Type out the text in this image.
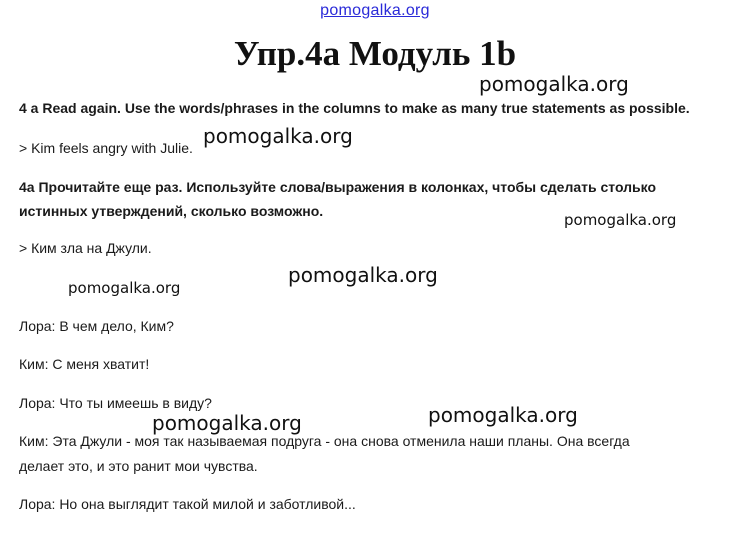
pomogalka.org
Упр.4а Модуль 1b
4 a Read again. Use the words/phrases in the columns to make as many true statements as possible.
> Kim feels angry with Julie.
4а Прочитайте еще раз. Используйте слова/выражения в колонках, чтобы сделать столько
истинных утверждений, сколько возможно.
> Ким зла на Джули.
Лора: В чем дело, Ким?
Ким: С меня хватит!
Лора: Что ты имеешь в виду?
Ким: Эта Джули - моя так называемая подруга - она снова отменила наши планы. Она всегда
делает это, и это ранит мои чувства.
Лора: Но она выглядит такой милой и заботливой...
pomogalka.org
pomogalka.org
pomogalka.org
pomogalka.org
pomogalka.org
pomogalka.org
pomogalka.org
